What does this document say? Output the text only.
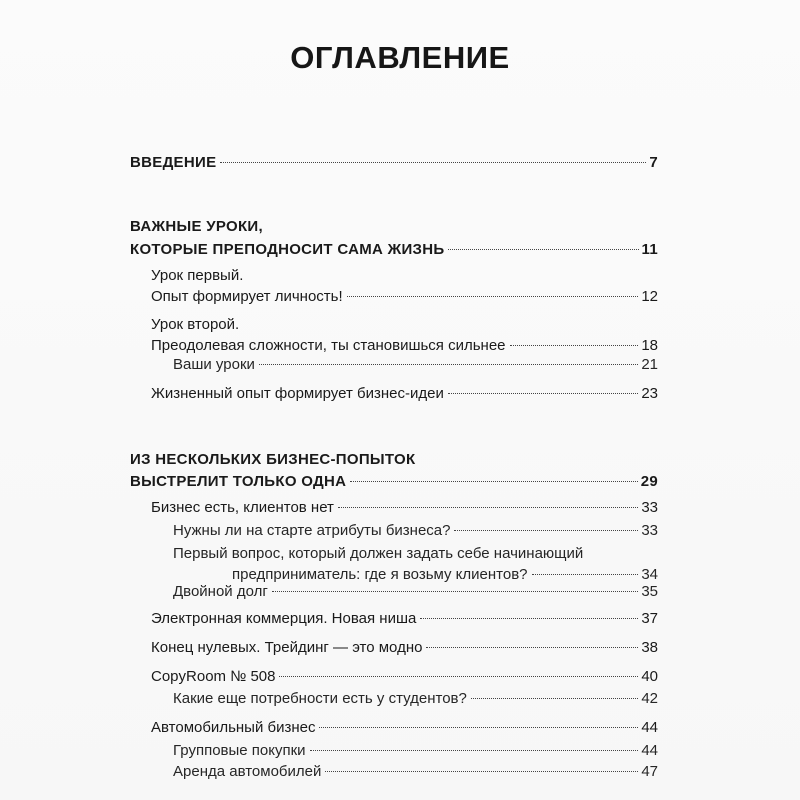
ОГЛАВЛЕНИЕ
ВВЕДЕНИЕ	7
ВАЖНЫЕ УРОКИ,
КОТОРЫЕ ПРЕПОДНОСИТ САМА ЖИЗНЬ	11
Урок первый.
Опыт формирует личность!	12
Урок второй.
Преодолевая сложности, ты становишься сильнее	18
Ваши уроки	21
Жизненный опыт формирует бизнес-идеи	23
ИЗ НЕСКОЛЬКИХ БИЗНЕС-ПОПЫТОК
ВЫСТРЕЛИТ ТОЛЬКО ОДНА	29
Бизнес есть, клиентов нет	33
Нужны ли на старте атрибуты бизнеса?	33
Первый вопрос, который должен задать себе начинающий
предприниматель: где я возьму клиентов?	34
Двойной долг	35
Электронная коммерция. Новая ниша	37
Конец нулевых. Трейдинг — это модно	38
CopyRoom № 508	40
Какие еще потребности есть у студентов?	42
Автомобильный бизнес	44
Групповые покупки	44
Аренда автомобилей	47
